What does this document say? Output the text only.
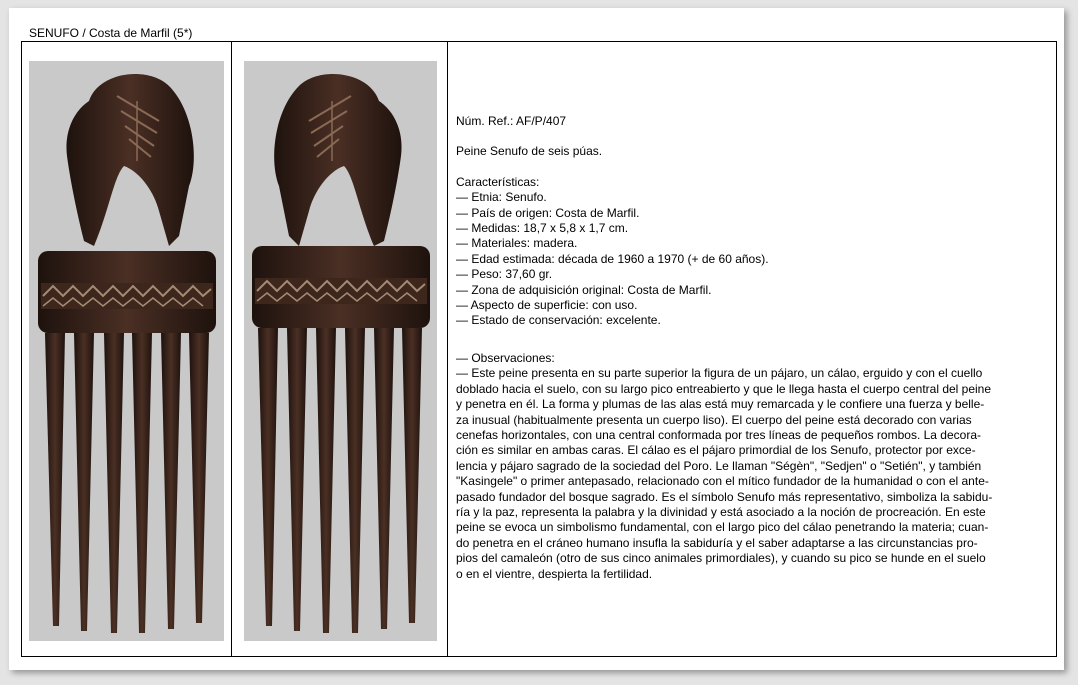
SENUFO / Costa de Marfil (5*)

Núm. Ref.: AF/P/407

Peine Senufo de seis púas.

Características:

— Etnia: Senufo.

— País de origen: Costa de Marfil.

— Medidas: 18,7 x 5,8 x 1,7 cm.

— Materiales: madera.

— Edad estimada: década de 1960 a 1970 (+ de 60 años).

— Peso: 37,60 gr.

— Zona de adquisición original: Costa de Marfil.

— Aspecto de superficie: con uso.

— Estado de conservación: excelente.

— Observaciones:

— Este peine presenta en su parte superior la figura de un pájaro, un cálao, erguido y con el cuello

doblado hacia el suelo, con su largo pico entreabierto y que le llega hasta el cuerpo central del peine

y penetra en él. La forma y plumas de las alas está muy remarcada y le confiere una fuerza y belle-

za inusual (habitualmente presenta un cuerpo liso). El cuerpo del peine está decorado con varias

cenefas horizontales, con una central conformada por tres líneas de pequeños rombos. La decora-

ción es similar en ambas caras. El cálao es el pájaro primordial de los Senufo, protector por exce-

lencia y pájaro sagrado de la sociedad del Poro. Le llaman "Ségèn", "Sedjen" o "Setién", y también

"Kasingele" o primer antepasado, relacionado con el mítico fundador de la humanidad o con el ante-

pasado fundador del bosque sagrado. Es el símbolo Senufo más representativo, simboliza la sabidu-

ría y la paz, representa la palabra y la divinidad y está asociado a la noción de procreación. En este

peine se evoca un simbolismo fundamental, con el largo pico del cálao penetrando la materia; cuan-

do penetra en el cráneo humano insufla la sabiduría y el saber adaptarse a las circunstancias pro-

pios del camaleón (otro de sus cinco animales primordiales), y cuando su pico se hunde en el suelo

o en el vientre, despierta la fertilidad.
